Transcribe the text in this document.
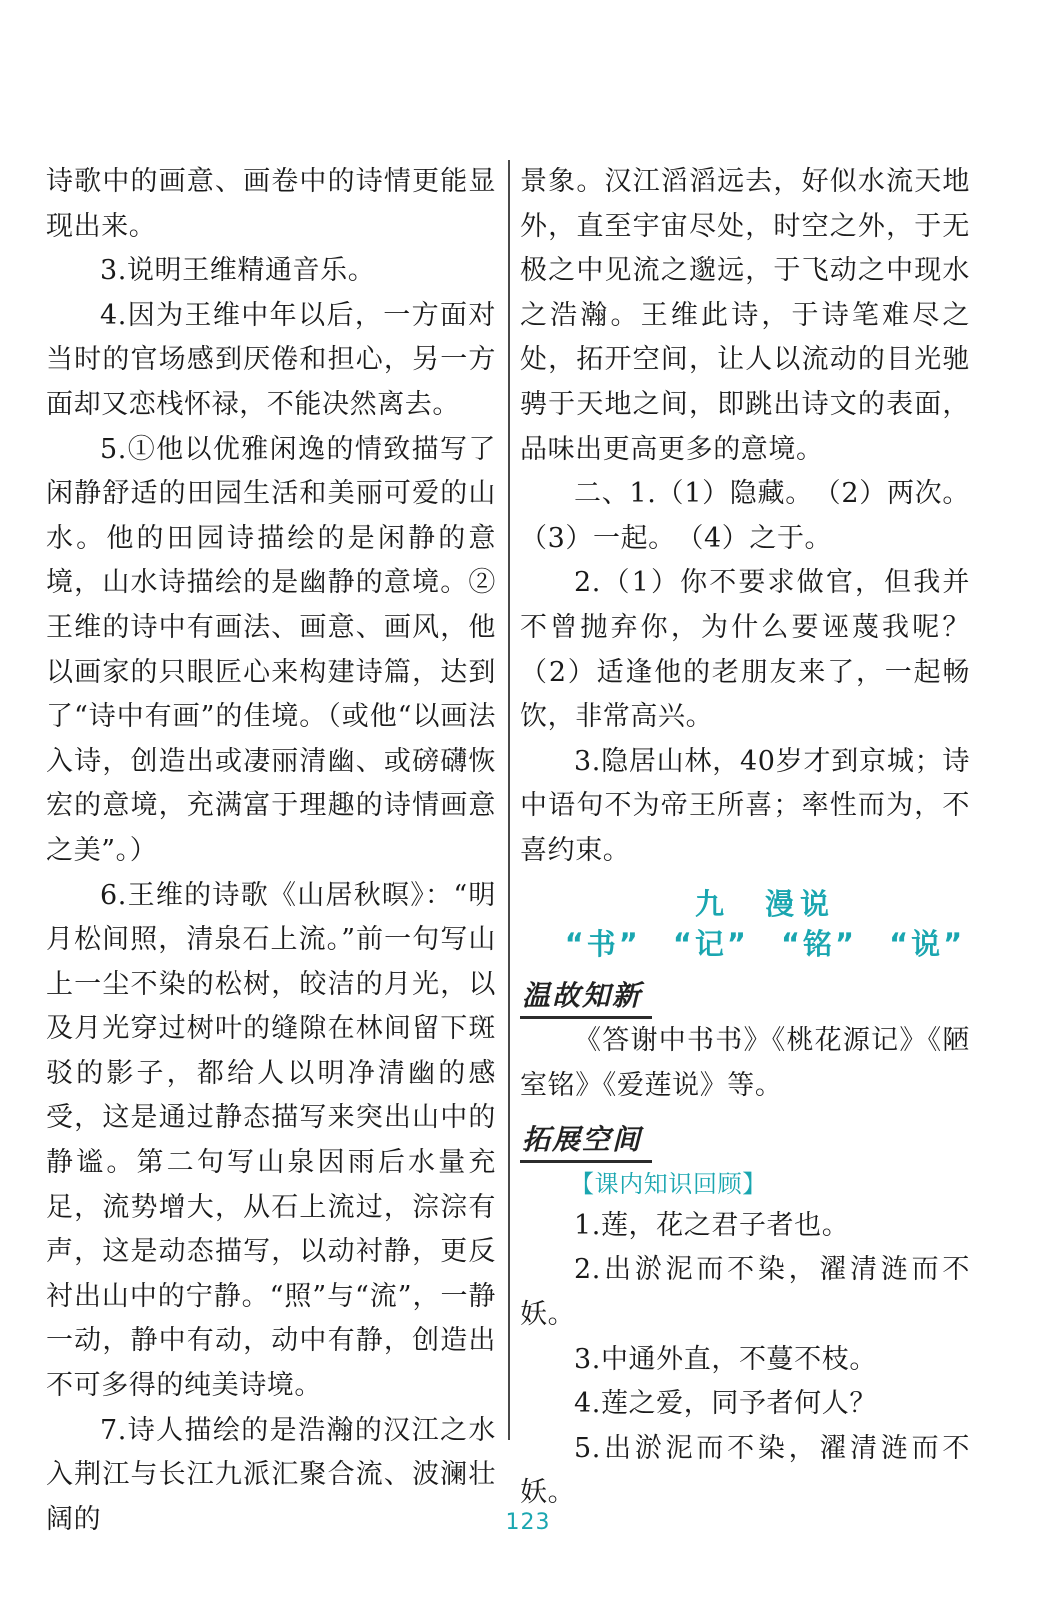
诗歌中的画意、画卷中的诗情更能显现出来。

3.说明王维精通音乐。

4.因为王维中年以后，一方面对当时的官场感到厌倦和担心，另一方面却又恋栈怀禄，不能决然离去。

5.①他以优雅闲逸的情致描写了闲静舒适的田园生活和美丽可爱的山水。他的田园诗描绘的是闲静的意境，山水诗描绘的是幽静的意境。②王维的诗中有画法、画意、画风，他以画家的只眼匠心来构建诗篇，达到了“诗中有画”的佳境。（或他“以画法入诗，创造出或凄丽清幽、或磅礴恢宏的意境，充满富于理趣的诗情画意之美”。）

6.王维的诗歌《山居秋暝》：“明月松间照，清泉石上流。”前一句写山上一尘不染的松树，皎洁的月光，以及月光穿过树叶的缝隙在林间留下斑驳的影子，都给人以明净清幽的感受，这是通过静态描写来突出山中的静谧。第二句写山泉因雨后水量充足，流势增大，从石上流过，淙淙有声，这是动态描写，以动衬静，更反衬出山中的宁静。“照”与“流”，一静一动，静中有动，动中有静，创造出不可多得的纯美诗境。

7.诗人描绘的是浩瀚的汉江之水入荆江与长江九派汇聚合流、波澜壮阔的

景象。汉江滔滔远去，好似水流天地外，直至宇宙尽处，时空之外，于无极之中见流之邈远，于飞动之中现水之浩瀚。王维此诗，于诗笔难尽之处，拓开空间，让人以流动的目光驰骋于天地之间，即跳出诗文的表面，品味出更高更多的意境。

二、1.（1）隐藏。　（2）两次。（3）一起。　（4）之于。

2.（1）你不要求做官，但我并不曾抛弃你，为什么要诬蔑我呢？　（2）适逢他的老朋友来了，一起畅饮，非常高兴。

3.隐居山林，40岁才到京城；诗中语句不为帝王所喜；率性而为，不喜约束。

九　漫说
“书”　“记”　“铭”　“说”
温故知新

《答谢中书书》《桃花源记》《陋室铭》《爱莲说》等。

拓展空间
【课内知识回顾】

1.莲，花之君子者也。

2.出淤泥而不染，濯清涟而不妖。

3.中通外直，不蔓不枝。

4.莲之爱，同予者何人？

5.出淤泥而不染，濯清涟而不妖。

123
